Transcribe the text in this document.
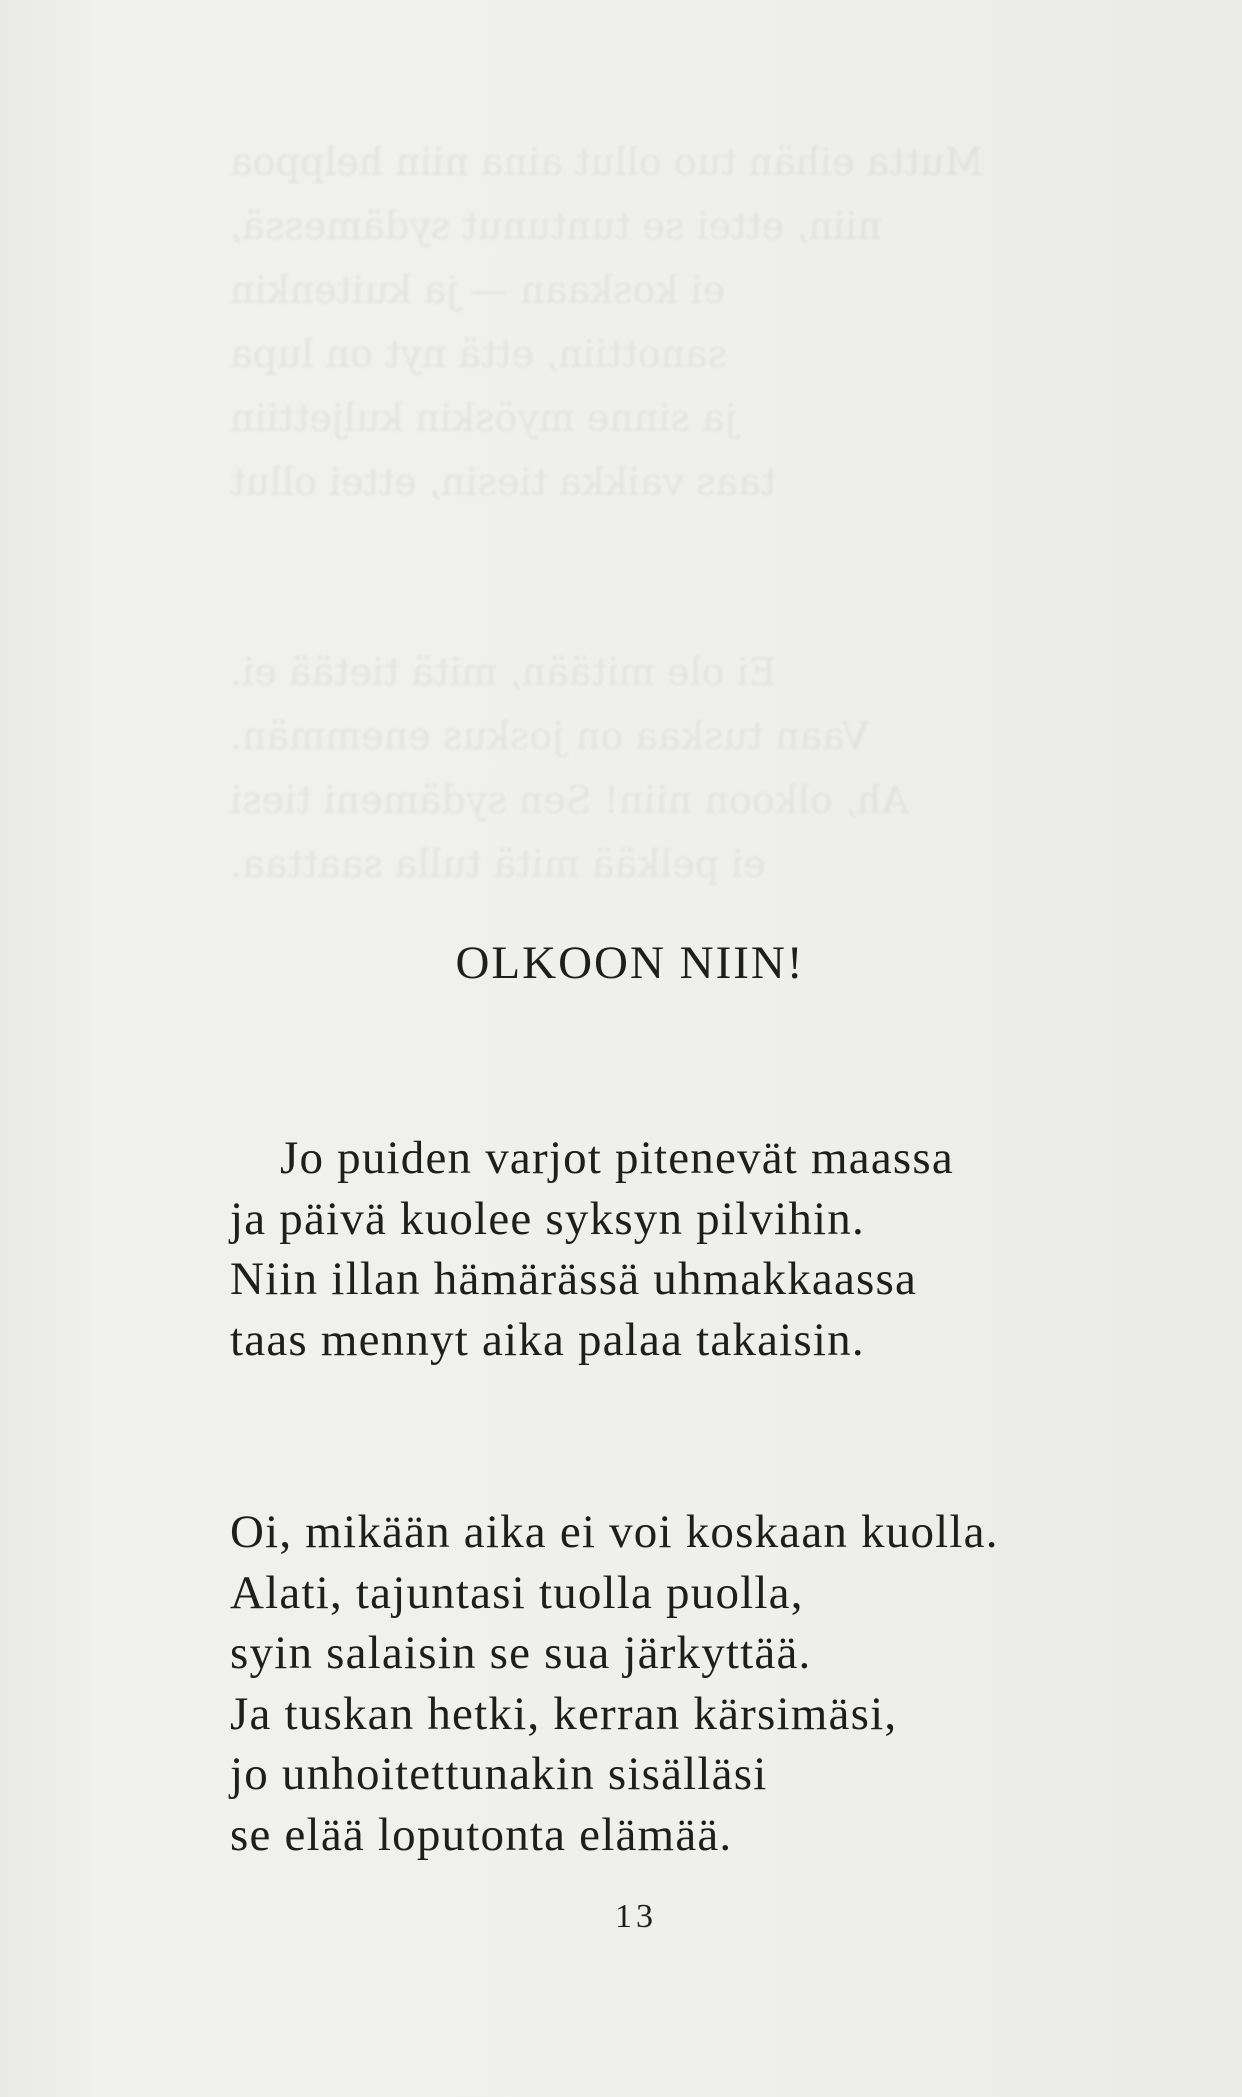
Mutta eihän tuo ollut aina niin helppoa
niin, ettei se tuntunut sydämessä,
ei koskaan — ja kuitenkin
sanottiin, että nyt on lupa
ja sinne myöskin kuljettiin
taas vaikka tiesin, ettei ollut
Ei ole mitään, mitä tietää ei.
Vaan tuskaa on joskus enemmän.
Ah, olkoon niin! Sen sydämeni tiesi
ei pelkää mitä tulla saattaa.
OLKOON NIIN!
Jo puiden varjot pitenevät maassa
ja päivä kuolee syksyn pilvihin.
Niin illan hämärässä uhmakkaassa
taas mennyt aika palaa takaisin.
Oi, mikään aika ei voi koskaan kuolla.
Alati, tajuntasi tuolla puolla,
syin salaisin se sua järkyttää.
Ja tuskan hetki, kerran kärsimäsi,
jo unhoitettunakin sisälläsi
se elää loputonta elämää.
13
